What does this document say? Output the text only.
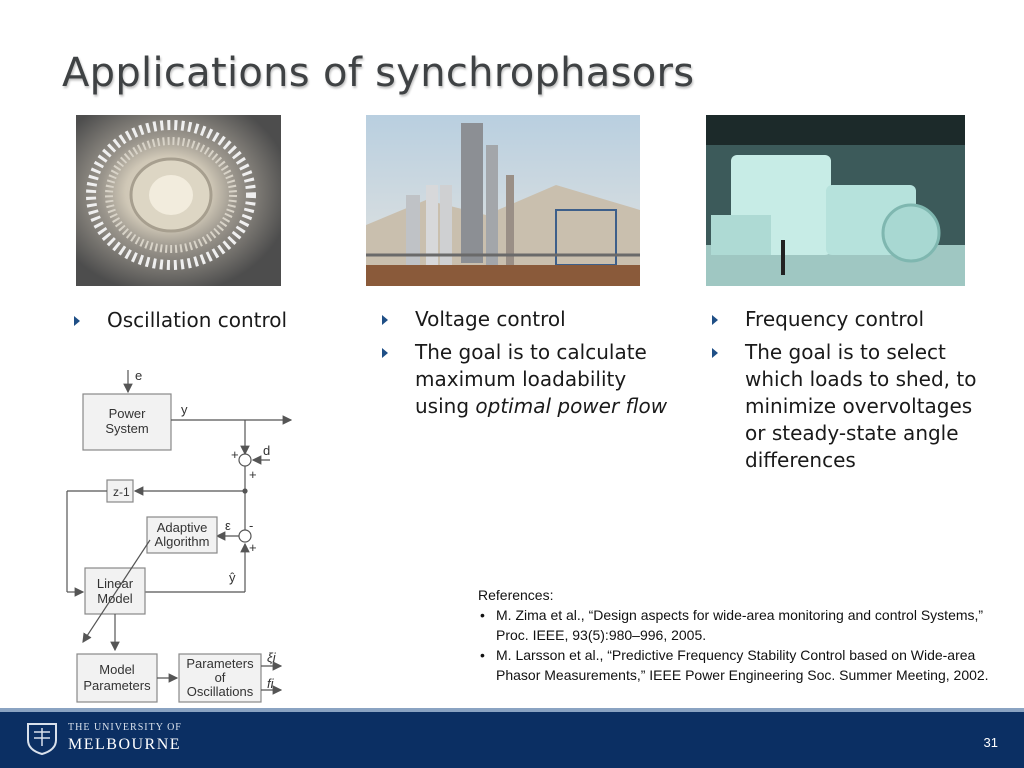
Applications of synchrophasors
Oscillation control	Voltage control
The goal is to calculate maximum loadability using optimal power flow
Frequency control
The goal is to select which loads to shed, to minimize overvoltages or steady-state angle differences
e
Power
System
y
+
+
d
z-1
Adaptive
Algorithm
ε -
+
ŷ
Linear
Model
Model
Parameters
Parameters
of
Oscillations
ξi
fi
References:
• M. Zima et al., “Design aspects for wide-area monitoring and control Systems,” Proc. IEEE, 93(5):980–996, 2005.
• M. Larsson et al., “Predictive Frequency Stability Control based on Wide-area Phasor Measurements,” IEEE Power Engineering Soc. Summer Meeting, 2002.
THE UNIVERSITY OF
MELBOURNE	31
